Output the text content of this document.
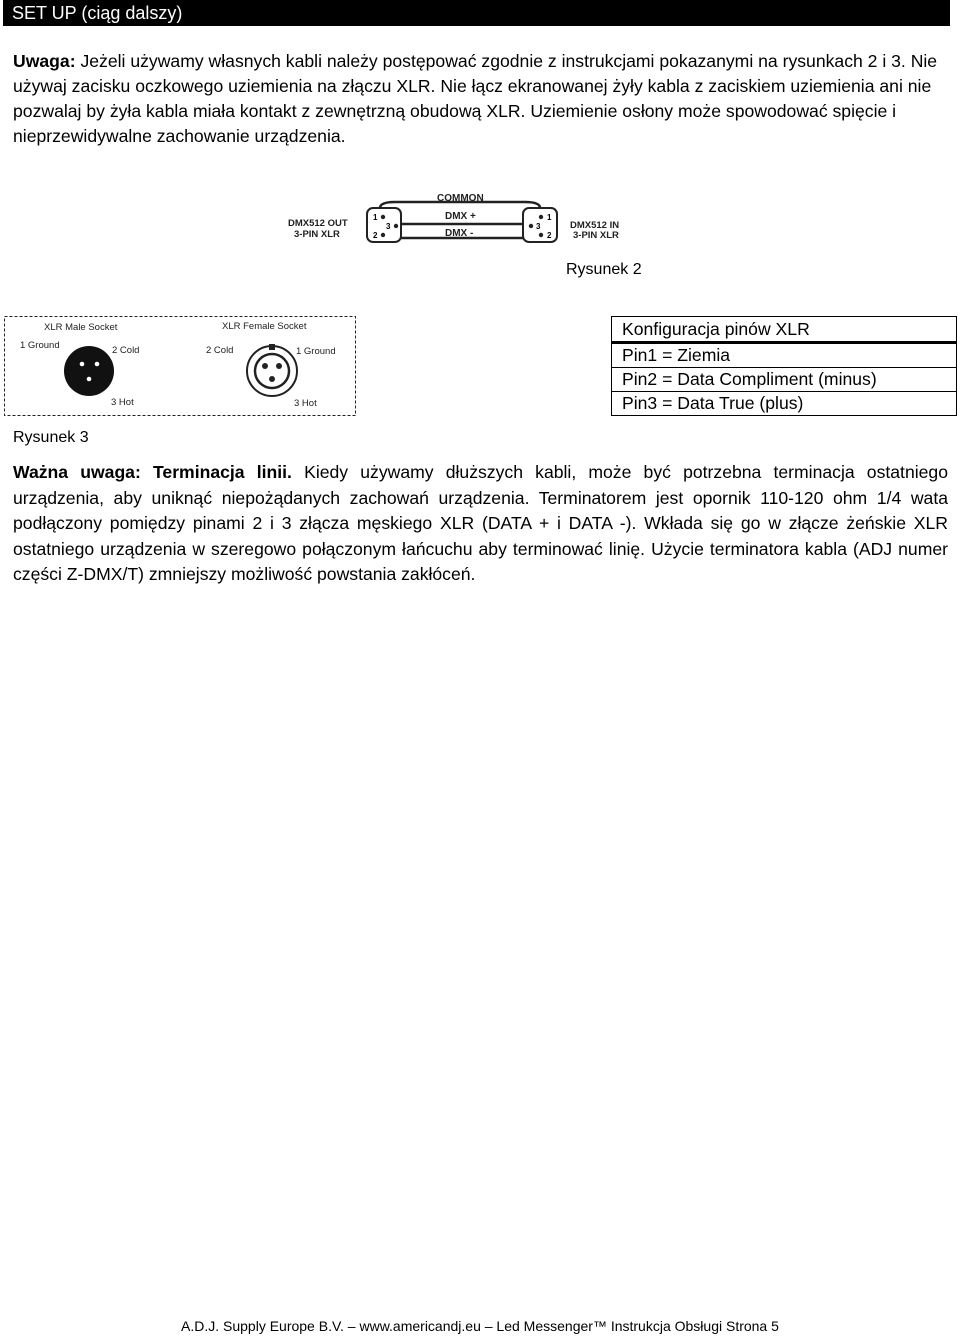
SET UP (ciąg dalszy)
Uwaga: Jeżeli używamy własnych kabli należy postępować zgodnie z instrukcjami pokazanymi na rysunkach 2 i 3. Nie używaj zacisku oczkowego uziemienia na złączu XLR. Nie łącz ekranowanej żyły kabla z zaciskiem uziemienia ani nie pozwalaj by żyła kabla miała kontakt z zewnętrzną obudową XLR. Uziemienie osłony może spowodować spięcie i nieprzewidywalne zachowanie urządzenia.
COMMON
1
3
2
DMX +
DMX -
1
3
2
DMX512 OUT
3-PIN XLR
DMX512 IN
3-PIN XLR
Rysunek 2
XLR Male Socket	XLR Female Socket
1 Ground	2 Cold
3 Hot
2 Cold	1 Ground
3 Hot
Rysunek 3
Konfiguracja pinów XLR
Pin1 = Ziemia
Pin2 = Data Compliment (minus)
Pin3 = Data True (plus)
Ważna uwaga: Terminacja linii. Kiedy używamy dłuższych kabli, może być potrzebna terminacja ostatniego urządzenia, aby uniknąć niepożądanych zachowań urządzenia. Terminatorem jest opornik 110-120 ohm 1/4 wata podłączony pomiędzy pinami 2 i 3 złącza męskiego XLR (DATA + i DATA -). Wkłada się go w złącze żeńskie XLR ostatniego urządzenia w szeregowo połączonym łańcuchu aby terminować linię. Użycie terminatora kabla (ADJ numer części Z-DMX/T) zmniejszy możliwość powstania zakłóceń.
A.D.J. Supply Europe B.V. – www.americandj.eu – Led Messenger™ Instrukcja Obsługi Strona 5
